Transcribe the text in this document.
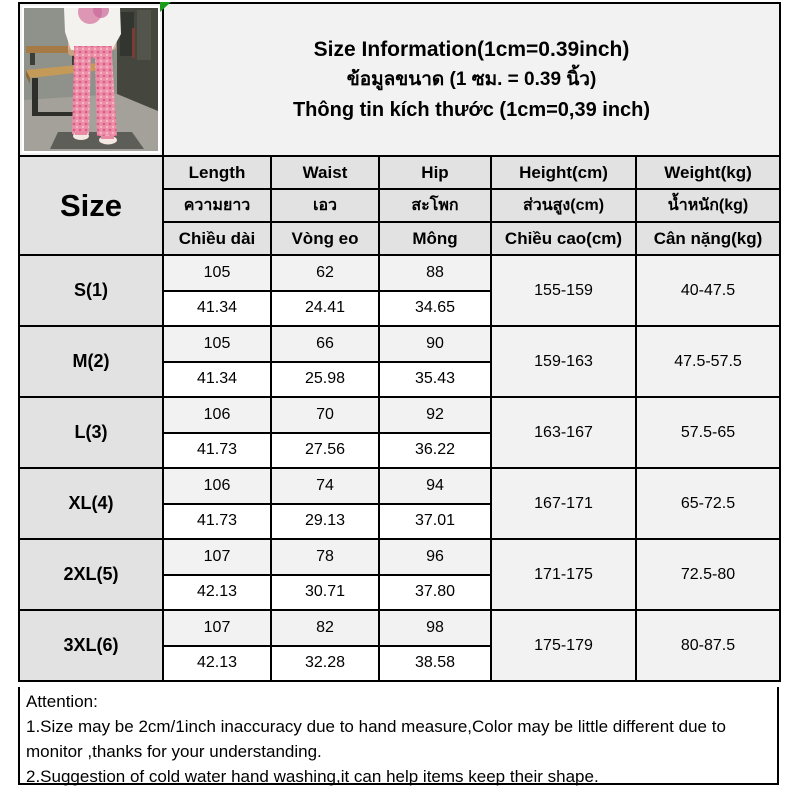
Size Information(1cm=0.39inch)
ข้อมูลขนาด (1 ซม. = 0.39 นิ้ว)
Thông tin kích thước (1cm=0,39 inch)				

Size	Length	Waist	Hip	Height(cm)	Weight(kg)
	ความยาว	เอว	สะโพก	ส่วนสูง(cm)	น้ำหนัก(kg)
	Chiều dài	Vòng eo	Mông	Chiều cao(cm)	Cân nặng(kg)
S(1)	105	62	88	155-159	40-47.5
	41.34	24.41	34.65		
M(2)	105	66	90	159-163	47.5-57.5
	41.34	25.98	35.43		
L(3)	106	70	92	163-167	57.5-65
	41.73	27.56	36.22		
XL(4)	106	74	94	167-171	65-72.5
	41.73	29.13	37.01		
2XL(5)	107	78	96	171-175	72.5-80
	42.13	30.71	37.80		
3XL(6)	107	82	98	175-179	80-87.5
	42.13	32.28	38.58		

Attention:

1.Size may be 2cm/1inch inaccuracy due to hand measure,Color may be little different due to monitor ,thanks for your understanding.

2.Suggestion of cold water hand washing,it can help items keep their shape.
